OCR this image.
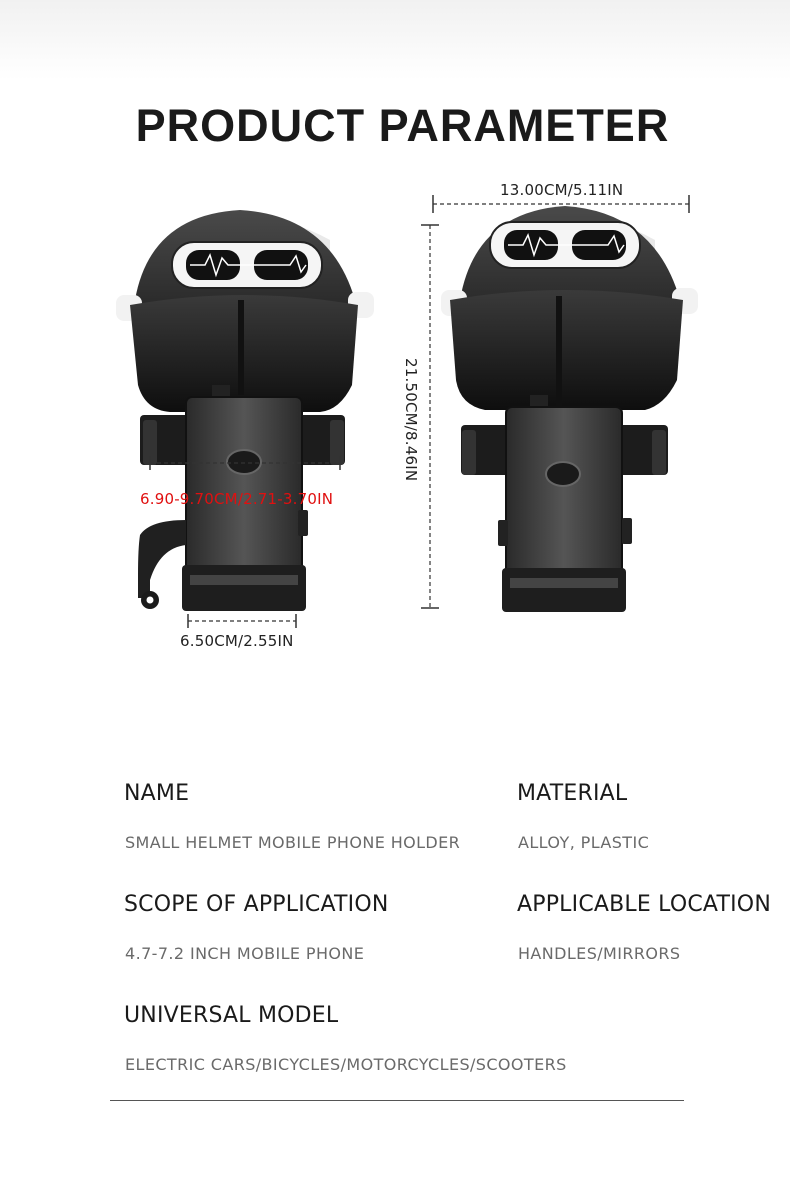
PRODUCT PARAMETER
13.00CM/5.11IN
21.50CM/8.46IN
6.90-9.70CM/2.71-3.70IN
6.50CM/2.55IN
NAME
SMALL HELMET MOBILE PHONE HOLDER
MATERIAL
ALLOY, PLASTIC
SCOPE OF APPLICATION
4.7-7.2 INCH MOBILE PHONE
APPLICABLE LOCATION
HANDLES/MIRRORS
UNIVERSAL MODEL
ELECTRIC CARS/BICYCLES/MOTORCYCLES/SCOOTERS
